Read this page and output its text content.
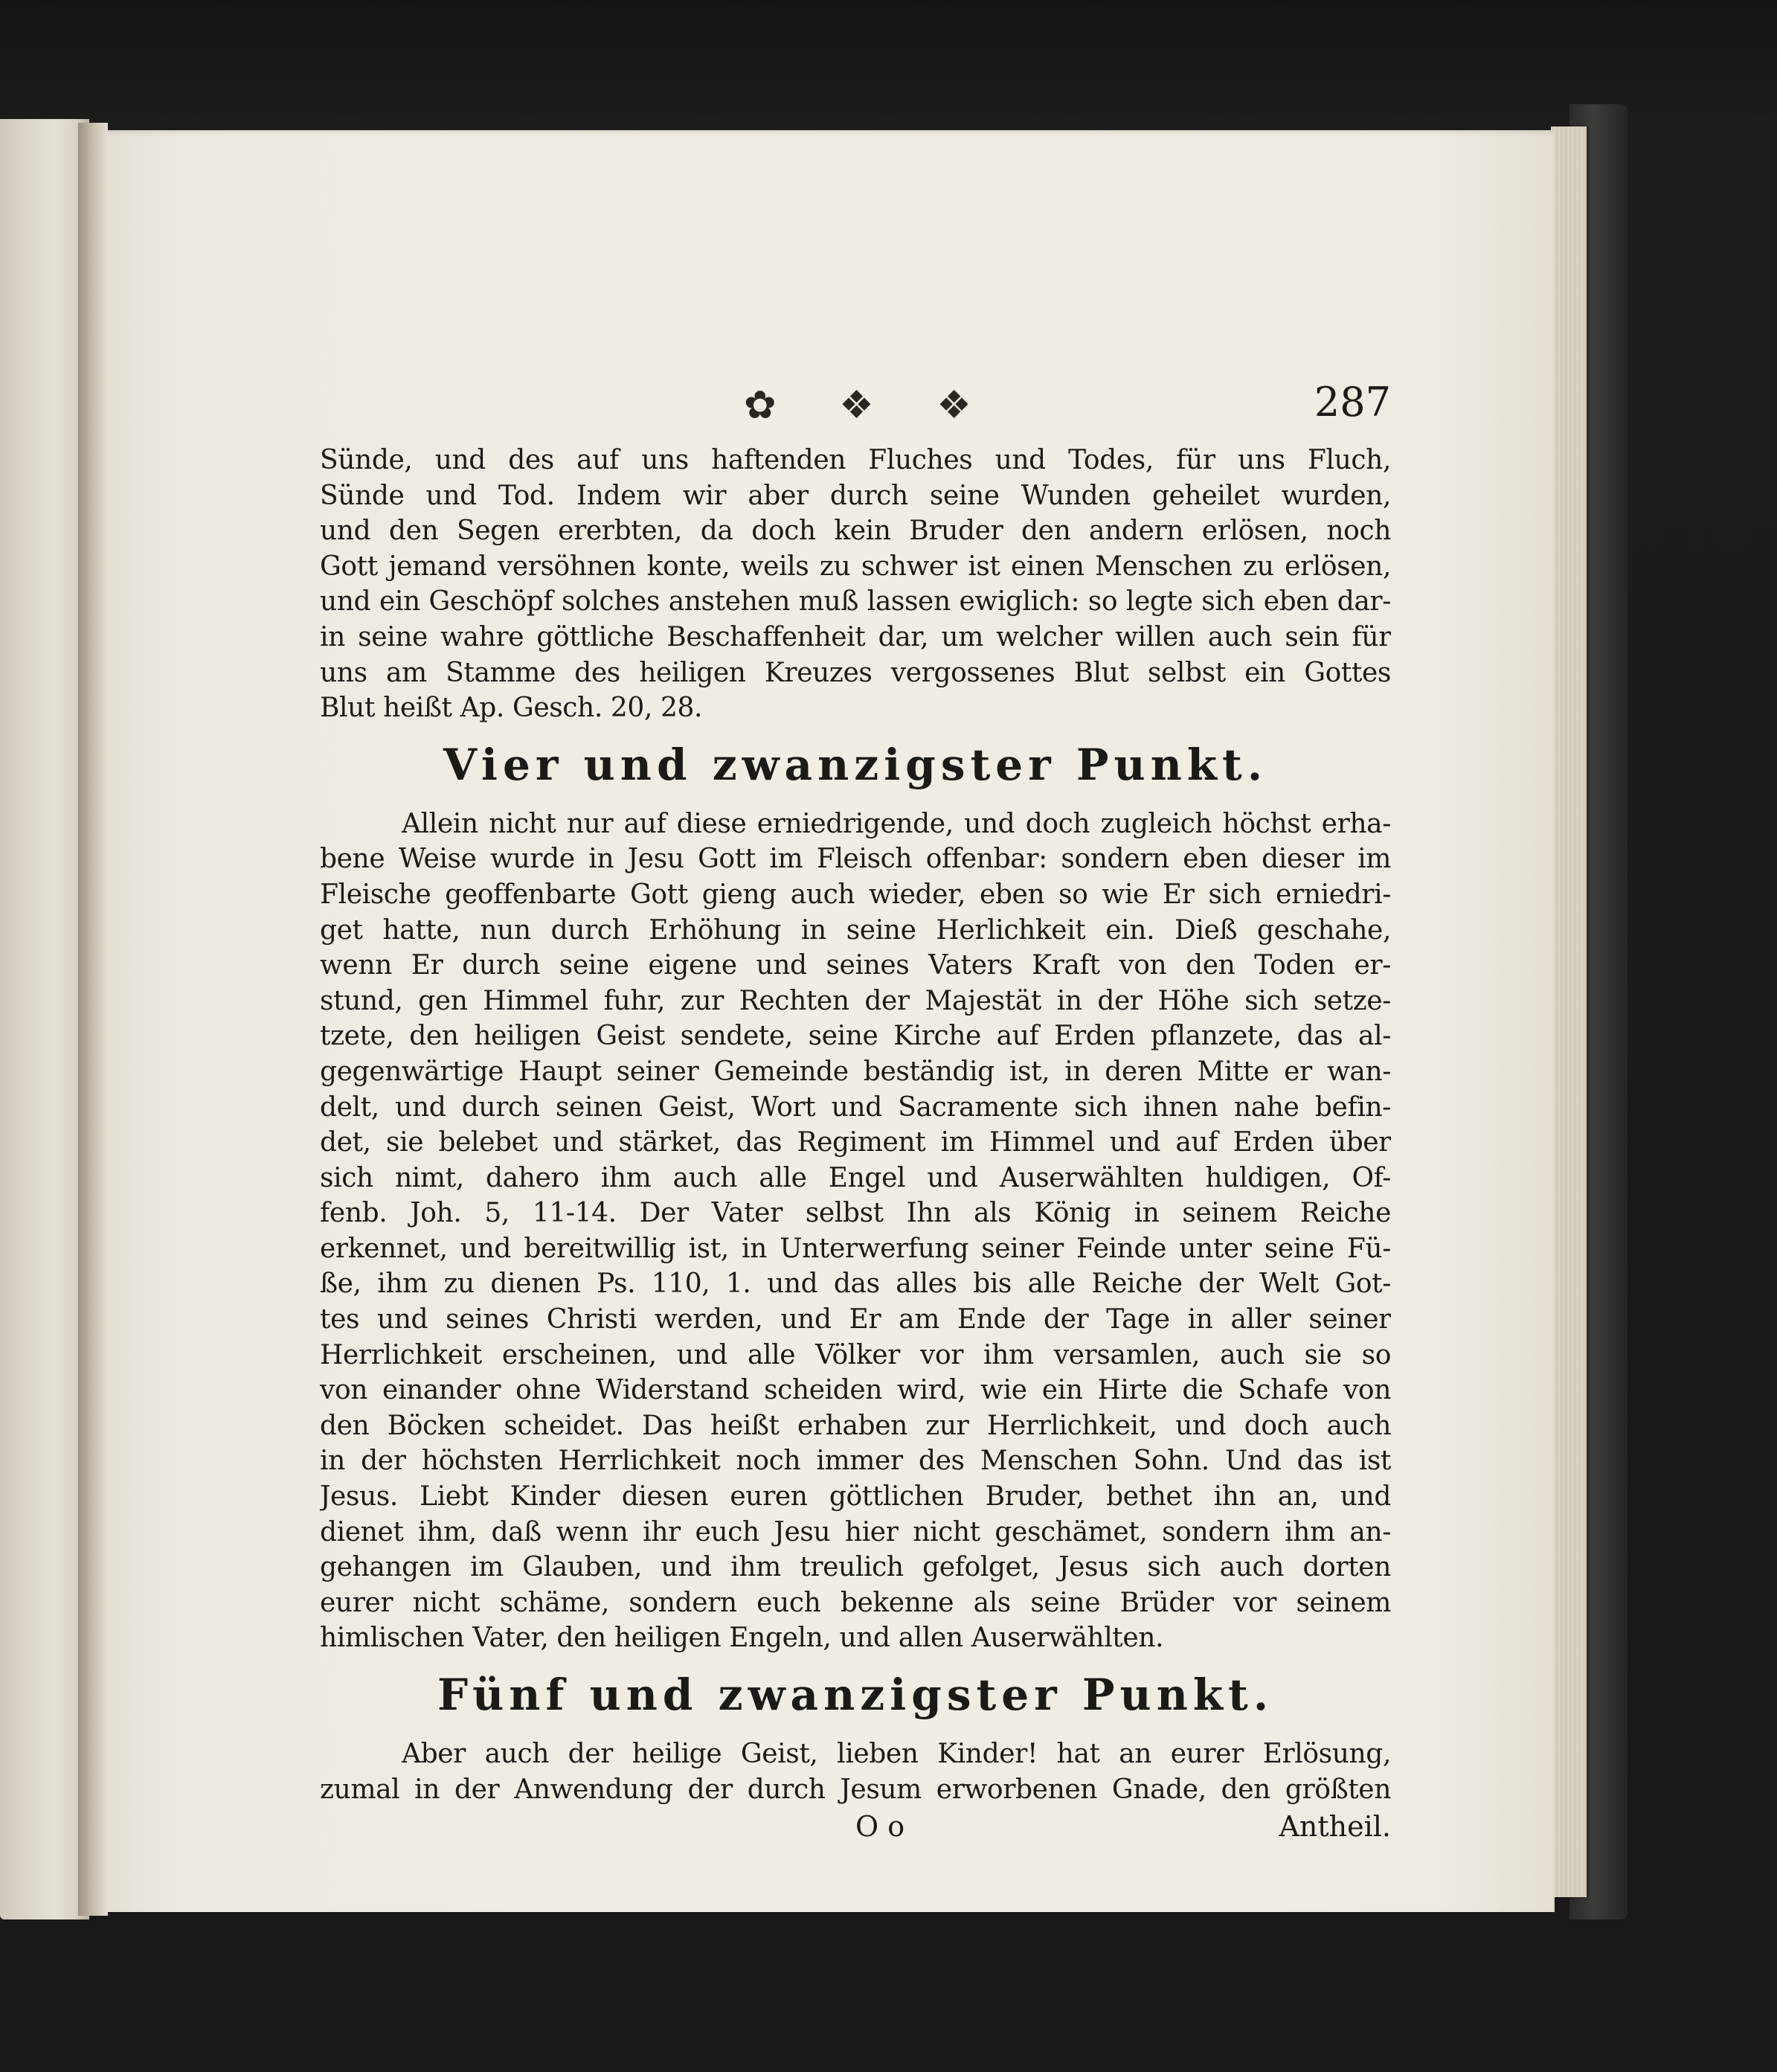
✿ ❖ ❖	287
Sünde, und des auf uns haftenden Fluches und Todes, für uns Fluch,
Sünde und Tod. Indem wir aber durch seine Wunden geheilet wurden,
und den Segen ererbten, da doch kein Bruder den andern erlösen, noch
Gott jemand versöhnen konte, weils zu schwer ist einen Menschen zu erlösen,
und ein Geschöpf solches anstehen muß lassen ewiglich: so legte sich eben dar-
in seine wahre göttliche Beschaffenheit dar, um welcher willen auch sein für
uns am Stamme des heiligen Kreuzes vergossenes Blut selbst ein Gottes
Blut heißt Ap. Gesch. 20, 28.
Vier und zwanzigster Punkt.
Allein nicht nur auf diese erniedrigende, und doch zugleich höchst erha-
bene Weise wurde in Jesu Gott im Fleisch offenbar: sondern eben dieser im
Fleische geoffenbarte Gott gieng auch wieder, eben so wie Er sich erniedri-
get hatte, nun durch Erhöhung in seine Herlichkeit ein. Dieß geschahe,
wenn Er durch seine eigene und seines Vaters Kraft von den Toden er-
stund, gen Himmel fuhr, zur Rechten der Majestät in der Höhe sich setze-
tzete, den heiligen Geist sendete, seine Kirche auf Erden pflanzete, das al-
gegenwärtige Haupt seiner Gemeinde beständig ist, in deren Mitte er wan-
delt, und durch seinen Geist, Wort und Sacramente sich ihnen nahe befin-
det, sie belebet und stärket, das Regiment im Himmel und auf Erden über
sich nimt, dahero ihm auch alle Engel und Auserwählten huldigen, Of-
fenb. Joh. 5, 11-14. Der Vater selbst Ihn als König in seinem Reiche
erkennet, und bereitwillig ist, in Unterwerfung seiner Feinde unter seine Fü-
ße, ihm zu dienen Ps. 110, 1. und das alles bis alle Reiche der Welt Got-
tes und seines Christi werden, und Er am Ende der Tage in aller seiner
Herrlichkeit erscheinen, und alle Völker vor ihm versamlen, auch sie so
von einander ohne Widerstand scheiden wird, wie ein Hirte die Schafe von
den Böcken scheidet. Das heißt erhaben zur Herrlichkeit, und doch auch
in der höchsten Herrlichkeit noch immer des Menschen Sohn. Und das ist
Jesus. Liebt Kinder diesen euren göttlichen Bruder, bethet ihn an, und
dienet ihm, daß wenn ihr euch Jesu hier nicht geschämet, sondern ihm an-
gehangen im Glauben, und ihm treulich gefolget, Jesus sich auch dorten
eurer nicht schäme, sondern euch bekenne als seine Brüder vor seinem
himlischen Vater, den heiligen Engeln, und allen Auserwählten.
Fünf und zwanzigster Punkt.
Aber auch der heilige Geist, lieben Kinder! hat an eurer Erlösung,
zumal in der Anwendung der durch Jesum erworbenen Gnade, den größten
O o	Antheil.
